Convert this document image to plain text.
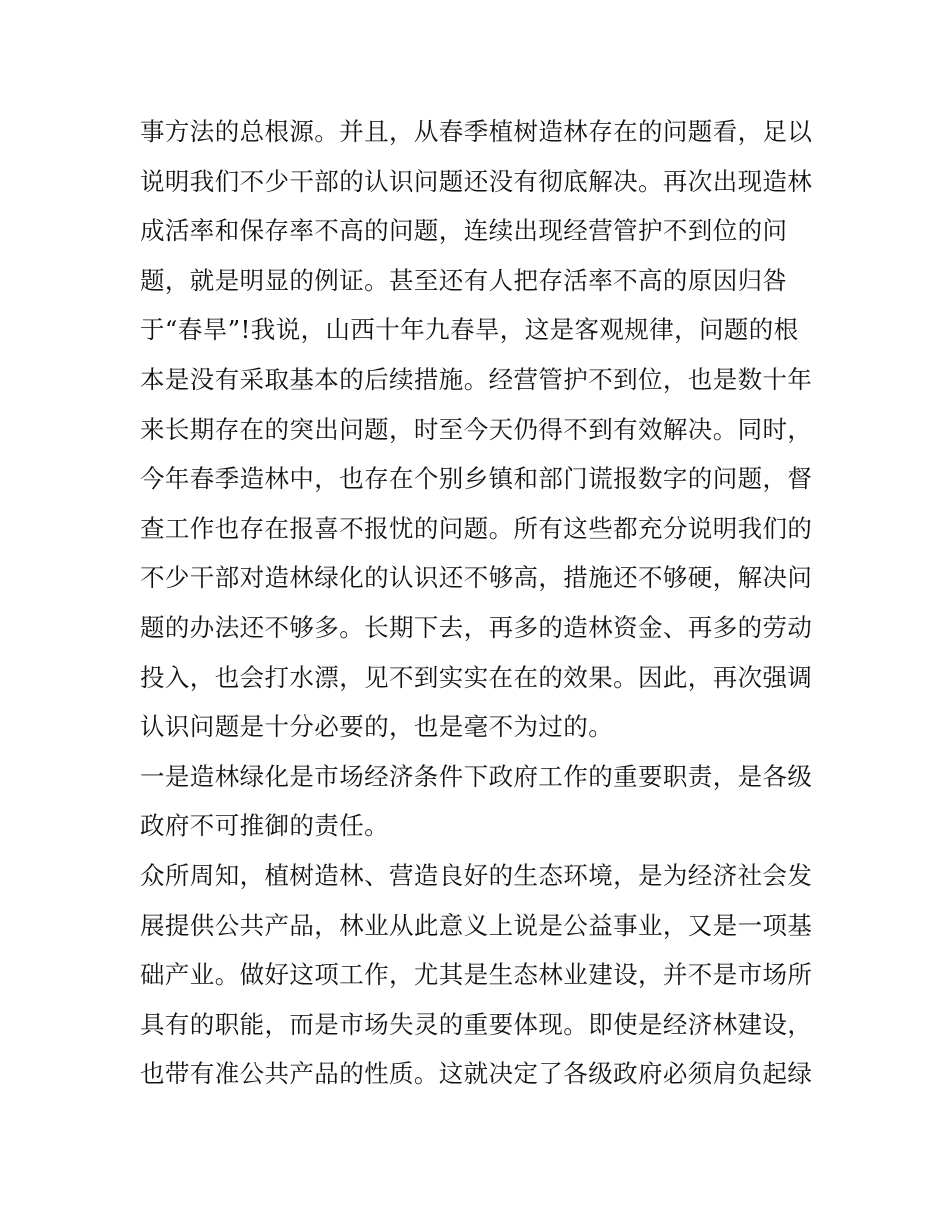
事方法的总根源。并且，从春季植树造林存在的问题看，足以
说明我们不少干部的认识问题还没有彻底解决。再次出现造林
成活率和保存率不高的问题，连续出现经营管护不到位的问
题，就是明显的例证。甚至还有人把存活率不高的原因归咎
于“春旱”!我说，山西十年九春旱，这是客观规律，问题的根
本是没有采取基本的后续措施。经营管护不到位，也是数十年
来长期存在的突出问题，时至今天仍得不到有效解决。同时，
今年春季造林中，也存在个别乡镇和部门谎报数字的问题，督
查工作也存在报喜不报忧的问题。所有这些都充分说明我们的
不少干部对造林绿化的认识还不够高，措施还不够硬，解决问
题的办法还不够多。长期下去，再多的造林资金、再多的劳动
投入，也会打水漂，见不到实实在在的效果。因此，再次强调
认识问题是十分必要的，也是毫不为过的。
一是造林绿化是市场经济条件下政府工作的重要职责，是各级
政府不可推御的责任。
众所周知，植树造林、营造良好的生态环境，是为经济社会发
展提供公共产品，林业从此意义上说是公益事业，又是一项基
础产业。做好这项工作，尤其是生态林业建设，并不是市场所
具有的职能，而是市场失灵的重要体现。即使是经济林建设，
也带有准公共产品的性质。这就决定了各级政府必须肩负起绿
